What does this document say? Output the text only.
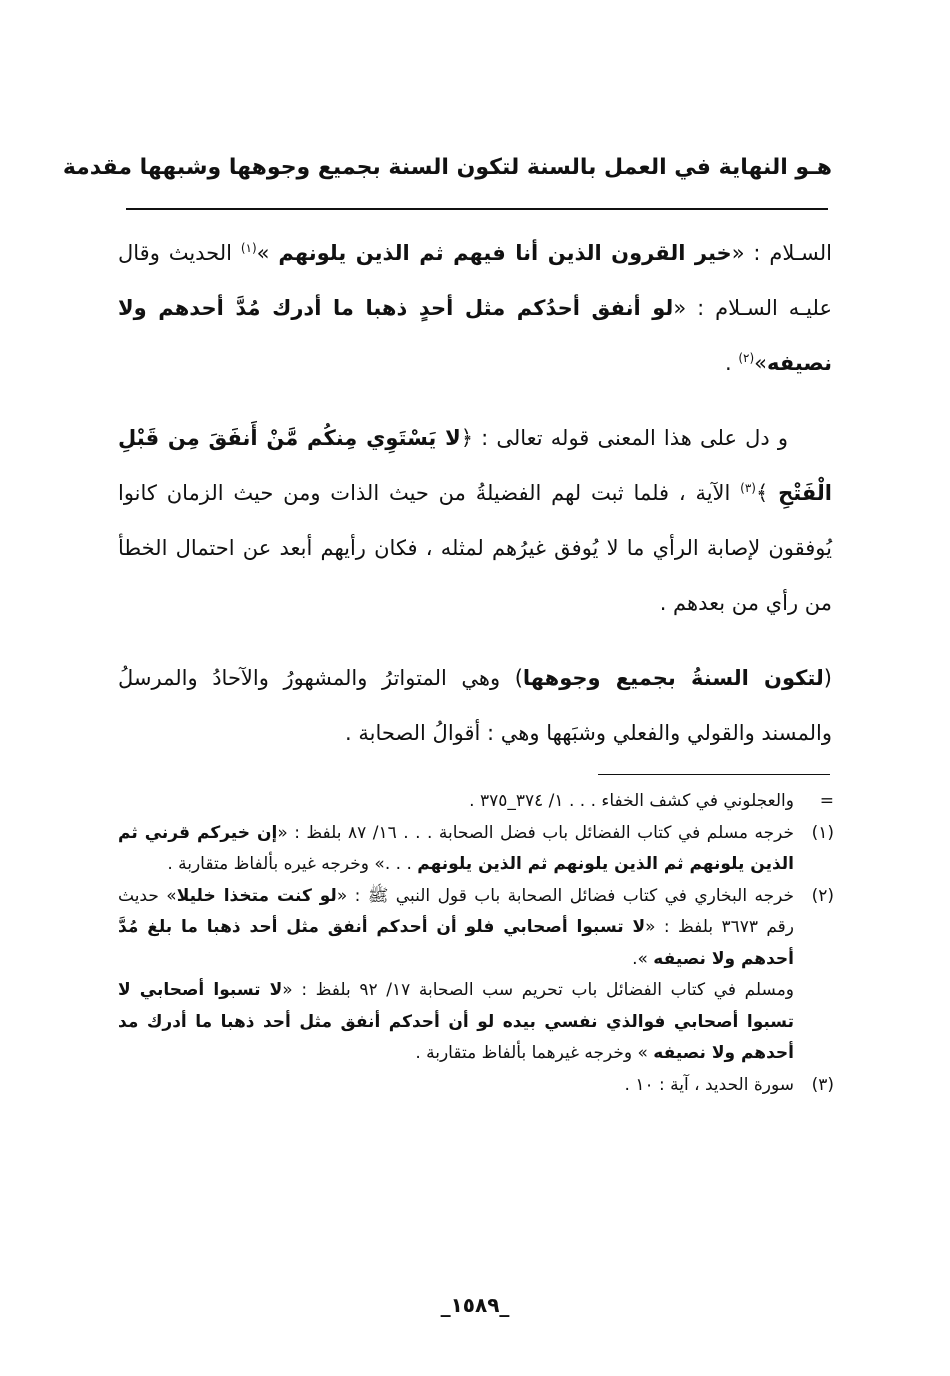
هـو النهاية في العمل بالسنة لتكون السنة بجميع وجوهها وشبهها مقدمة

السـلام : «خير القرون الذين أنا فيهم ثم الذين يلونهم »$^{(١)}$ الحديث وقال عليـه السـلام : «لو أنفق أحدُكم مثل أحدٍ ذهبا ما أدرك مُدَّ أحدهم ولا نصيفه»$^{(٢)}$ .

و دل على هذا المعنى قوله تعالى : ﴿لا يَسْتَوِي مِنكُم مَّنْ أَنفَقَ مِن قَبْلِ الْفَتْحِ ﴾$^{(٣)}$ الآية ، فلما ثبت لهم الفضيلةُ من حيث الذات ومن حيث الزمان كانوا يُوفقون لإصابة الرأي ما لا يُوفق غيرُهم لمثله ، فكان رأيهم أبعد عن احتمال الخطأ من رأي من بعدهم .

(لتكون السنةُ بجميع وجوهها) وهي المتواترُ والمشهورُ والآحادُ والمرسلُ والمسند والقولي والفعلي وشبَهها وهي : أقوالُ الصحابة .

=
والعجلوني في كشف الخفاء . . . ١/ ٣٧٤_٣٧٥ .

(١)
خرجه مسلم في كتاب الفضائل باب فضل الصحابة . . . ١٦/ ٨٧ بلفظ : «إن خيركم قرني ثم الذين يلونهم ثم الذين يلونهم ثم الذين يلونهم . . .» وخرجه غيره بألفاظ متقاربة .

(٢)
خرجه البخاري في كتاب فضائل الصحابة باب قول النبي ﷺ : «لو كنت متخذا خليلا» حديث رقم ٣٦٧٣ بلفظ : «لا تسبوا أصحابي فلو أن أحدكم أنفق مثل أحد ذهبا ما بلغ مُدَّ أحدهم ولا نصيفه ».

ومسلم في كتاب الفضائل باب تحريم سب الصحابة ١٧/ ٩٢ بلفظ : «لا تسبوا أصحابي لا تسبوا أصحابي فوالذي نفسي بيده لو أن أحدكم أنفق مثل أحد ذهبا ما أدرك مد أحدهم ولا نصيفه » وخرجه غيرهما بألفاظ متقاربة .

(٣)
سورة الحديد ، آية : ١٠ .

_١٥٨٩_
